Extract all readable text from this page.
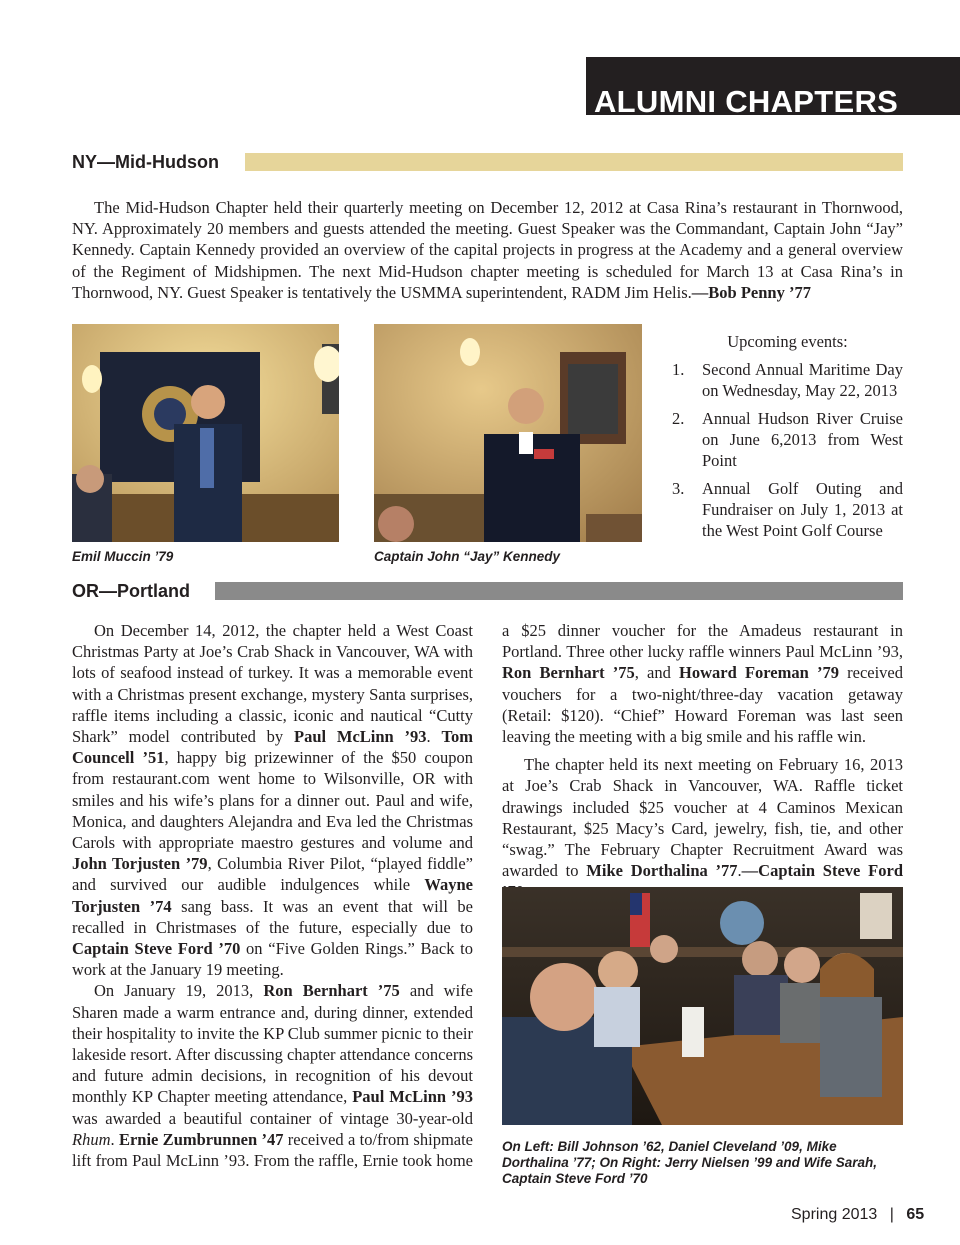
ALUMNI CHAPTERS
NY—Mid-Hudson

The Mid-Hudson Chapter held their quarterly meeting on December 12, 2012 at Casa Rina’s restaurant in Thornwood, NY. Approximately 20 members and guests attended the meeting. Guest Speaker was the Commandant, Captain John “Jay” Kennedy. Captain Kennedy provided an overview of the capital projects in progress at the Academy and a general overview of the Regiment of Midshipmen. The next Mid-Hudson chapter meeting is scheduled for March 13 at Casa Rina’s in Thornwood, NY. Guest Speaker is tentatively the USMMA superintendent, RADM Jim Helis.—Bob Penny ’77

Emil Muccin ’79	Captain John “Jay” Kennedy
Upcoming events:
1.	Second Annual Maritime Day on Wednesday, May 22, 2013
2.	Annual Hudson River Cruise on June 6,2013 from West Point
3.	Annual Golf Outing and Fundraiser on July 1, 2013 at the West Point Golf Course
OR—Portland

On December 14, 2012, the chapter held a West Coast Christmas Party at Joe’s Crab Shack in Vancouver, WA with lots of seafood instead of turkey. It was a memorable event with a Christmas present exchange, mystery Santa surprises, raffle items including a classic, iconic and nautical “Cutty Shark” model contributed by Paul McLinn ’93. Tom Councell ’51, happy big prizewinner of the $50 coupon from restaurant.com went home to Wilsonville, OR with smiles and his wife’s plans for a dinner out. Paul and wife, Monica, and daughters Alejandra and Eva led the Christmas Carols with appropriate maestro gestures and volume and John Torjusten ’79, Columbia River Pilot, “played fiddle” and survived our audible indulgences while Wayne Torjusten ’74 sang bass. It was an event that will be recalled in Christmases of the future, especially due to Captain Steve Ford ’70 on “Five Golden Rings.” Back to work at the January 19 meeting.

On January 19, 2013, Ron Bernhart ’75 and wife Sharen made a warm entrance and, during dinner, extended their hospitality to invite the KP Club summer picnic to their lakeside resort. After discussing chapter attendance concerns and future admin decisions, in recognition of his devout monthly KP Chapter meeting attendance, Paul McLinn ’93 was awarded a beautiful container of vintage 30-year-old Rhum. Ernie Zumbrunnen ’47 received a to/from shipmate lift from Paul McLinn ’93. From the raffle, Ernie took home a $25 dinner voucher for the Amadeus restaurant in Portland. Three other lucky raffle winners Paul McLinn ’93, Ron Bernhart ’75, and Howard Foreman ’79 received vouchers for a two-night/three-day vacation getaway (Retail: $120). “Chief” Howard Foreman was last seen leaving the meeting with a big smile and his raffle win.

The chapter held its next meeting on February 16, 2013 at Joe’s Crab Shack in Vancouver, WA. Raffle ticket drawings included $25 voucher at 4 Caminos Mexican Restaurant, $25 Macy’s Card, jewelry, fish, tie, and other “swag.” The February Chapter Recruitment Award was awarded to Mike Dorthalina ’77.—Captain Steve Ford

On Left: Bill Johnson ’62, Daniel Cleveland ’09, Mike Dorthalina ’77; On Right: Jerry Nielsen ’99 and Wife Sarah, Captain Steve Ford ’70
Spring 2013 | 65
